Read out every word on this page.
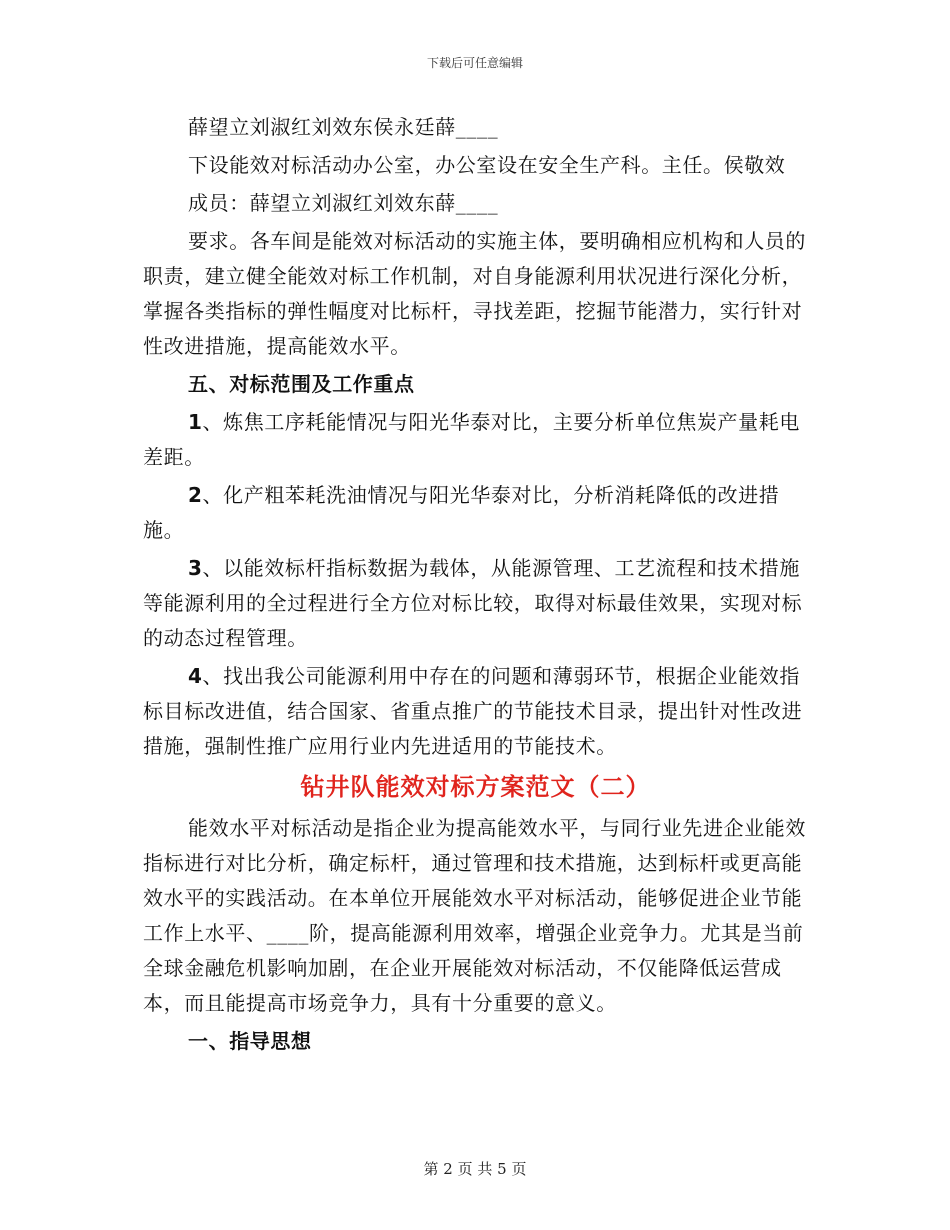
下载后可任意编辑

薛望立刘淑红刘效东侯永廷薛____

下设能效对标活动办公室，办公室设在安全生产科。主任。侯敬效

成员：薛望立刘淑红刘效东薛____

要求。各车间是能效对标活动的实施主体，要明确相应机构和人员的职责，建立健全能效对标工作机制，对自身能源利用状况进行深化分析，掌握各类指标的弹性幅度对比标杆，寻找差距，挖掘节能潜力，实行针对性改进措施，提高能效水平。

五、对标范围及工作重点

1、炼焦工序耗能情况与阳光华泰对比，主要分析单位焦炭产量耗电差距。

2、化产粗苯耗洗油情况与阳光华泰对比，分析消耗降低的改进措施。

3、以能效标杆指标数据为载体，从能源管理、工艺流程和技术措施等能源利用的全过程进行全方位对标比较，取得对标最佳效果，实现对标的动态过程管理。

4、找出我公司能源利用中存在的问题和薄弱环节，根据企业能效指标目标改进值，结合国家、省重点推广的节能技术目录，提出针对性改进措施，强制性推广应用行业内先进适用的节能技术。

钻井队能效对标方案范文（二）

能效水平对标活动是指企业为提高能效水平，与同行业先进企业能效指标进行对比分析，确定标杆，通过管理和技术措施，达到标杆或更高能效水平的实践活动。在本单位开展能效水平对标活动，能够促进企业节能工作上水平、____阶，提高能源利用效率，增强企业竞争力。尤其是当前全球金融危机影响加剧，在企业开展能效对标活动，不仅能降低运营成本，而且能提高市场竞争力，具有十分重要的意义。

一、指导思想

第 2 页 共 5 页
